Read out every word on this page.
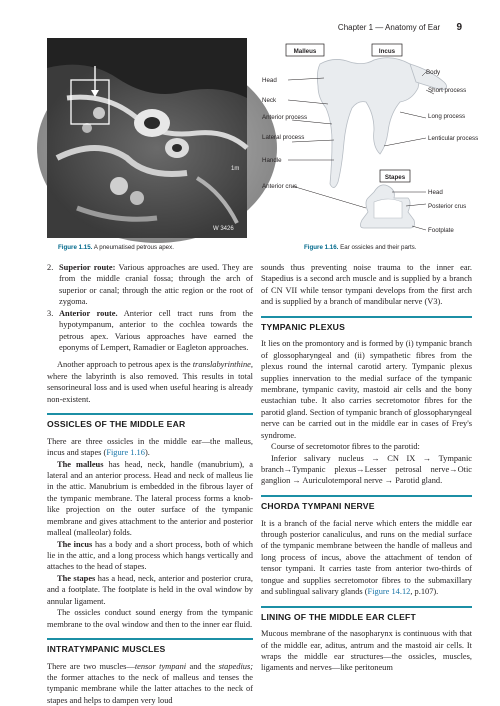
Chapter 1 — Anatomy of Ear 9
W 3426
1m
Figure 1.15. A pneumatised petrous apex.
Malleus	Incus
Stapes
Head
Neck
Anterior process
Lateral process
Handle
Anterior crus
Body
Short process
Long process
Lenticular process
Head
Posterior crus
Footplate
Figure 1.16. Ear ossicles and their parts.
2. Superior route: Various approaches are used. They are from the middle cranial fossa; through the arch of superior or canal; through the attic region or the root of zygoma.
3. Anterior route. Anterior cell tract runs from the hypotympanum, anterior to the cochlea towards the petrous apex. Various approaches have earned the eponyms of Lempert, Ramadier or Eagleton approaches.

Another approach to petrous apex is the translabyrinthine, where the labyrinth is also removed. This results in total sensorineural loss and is used when useful hearing is already non-existent.

OSSICLES OF THE MIDDLE EAR

There are three ossicles in the middle ear—the malleus, incus and stapes (Figure 1.16).

The malleus has head, neck, handle (manubrium), a lateral and an anterior process. Head and neck of malleus lie in the attic. Manubrium is embedded in the fibrous layer of the tympanic membrane. The lateral process forms a knob-like projection on the outer surface of the tympanic membrane and gives attachment to the anterior and posterior malleal (malleolar) folds.

The incus has a body and a short process, both of which lie in the attic, and a long process which hangs vertically and attaches to the head of stapes.

The stapes has a head, neck, anterior and posterior crura, and a footplate. The footplate is held in the oval window by annular ligament.

The ossicles conduct sound energy from the tympanic membrane to the oval window and then to the inner ear fluid.

INTRATYMPANIC MUSCLES

There are two muscles—tensor tympani and the stapedius; the former attaches to the neck of malleus and tenses the tympanic membrane while the latter attaches to the neck of stapes and helps to dampen very loud

sounds thus preventing noise trauma to the inner ear. Stapedius is a second arch muscle and is supplied by a branch of CN VII while tensor tympani develops from the first arch and is supplied by a branch of mandibular nerve (V3).

TYMPANIC PLEXUS

It lies on the promontory and is formed by (i) tympanic branch of glossopharyngeal and (ii) sympathetic fibres from the plexus round the internal carotid artery. Tympanic plexus supplies innervation to the medial surface of the tympanic membrane, tympanic cavity, mastoid air cells and the bony eustachian tube. It also carries secretomotor fibres for the parotid gland. Section of tympanic branch of glossopharyngeal nerve can be carried out in the middle ear in cases of Frey's syndrome.

Course of secretomotor fibres to the parotid:

Inferior salivary nucleus → CN IX → Tympanic branch→Tympanic plexus→Lesser petrosal nerve→Otic ganglion → Auriculotemporal nerve → Parotid gland.

CHORDA TYMPANI NERVE

It is a branch of the facial nerve which enters the middle ear through posterior canaliculus, and runs on the medial surface of the tympanic membrane between the handle of malleus and long process of incus, above the attachment of tendon of tensor tympani. It carries taste from anterior two-thirds of tongue and supplies secretomotor fibres to the submaxillary and sublingual salivary glands (Figure 14.12, p.107).

LINING OF THE MIDDLE EAR CLEFT

Mucous membrane of the nasopharynx is continuous with that of the middle ear, aditus, antrum and the mastoid air cells. It wraps the middle ear structures—the ossicles, muscles, ligaments and nerves—like peritoneum
